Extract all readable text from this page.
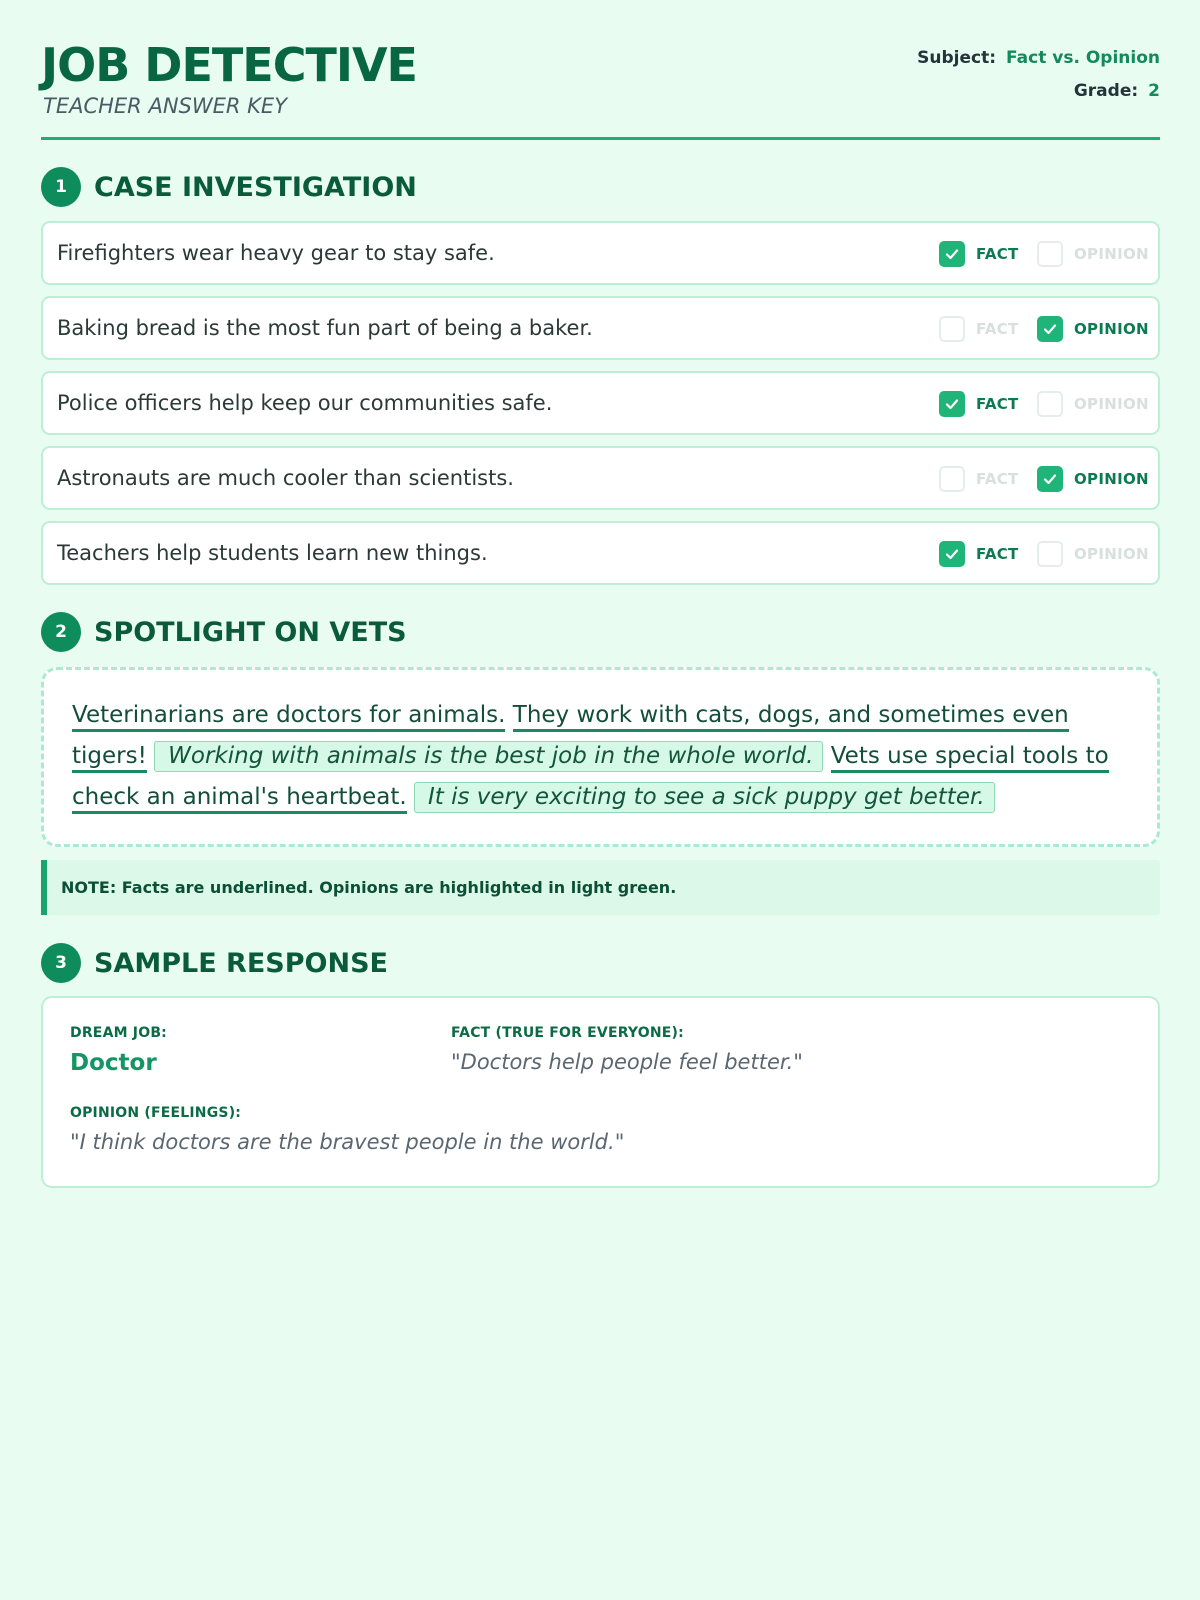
JOB DETECTIVE
TEACHER ANSWER KEY
Subject: Fact vs. Opinion
Grade: 2
1	CASE INVESTIGATION
Firefighters wear heavy gear to stay safe.	FACT	OPINION
Baking bread is the most fun part of being a baker.	FACT	OPINION
Police officers help keep our communities safe.	FACT	OPINION
Astronauts are much cooler than scientists.	FACT	OPINION
Teachers help students learn new things.	FACT	OPINION
2	SPOTLIGHT ON VETS
Veterinarians are doctors for animals. They work with cats, dogs, and sometimes even tigers! Working with animals is the best job in the whole world. Vets use special tools to check an animal's heartbeat. It is very exciting to see a sick puppy get better.
NOTE: Facts are underlined. Opinions are highlighted in light green.
3	SAMPLE RESPONSE
DREAM JOB:
Doctor
FACT (TRUE FOR EVERYONE):
"Doctors help people feel better."
OPINION (FEELINGS):
"I think doctors are the bravest people in the world."
